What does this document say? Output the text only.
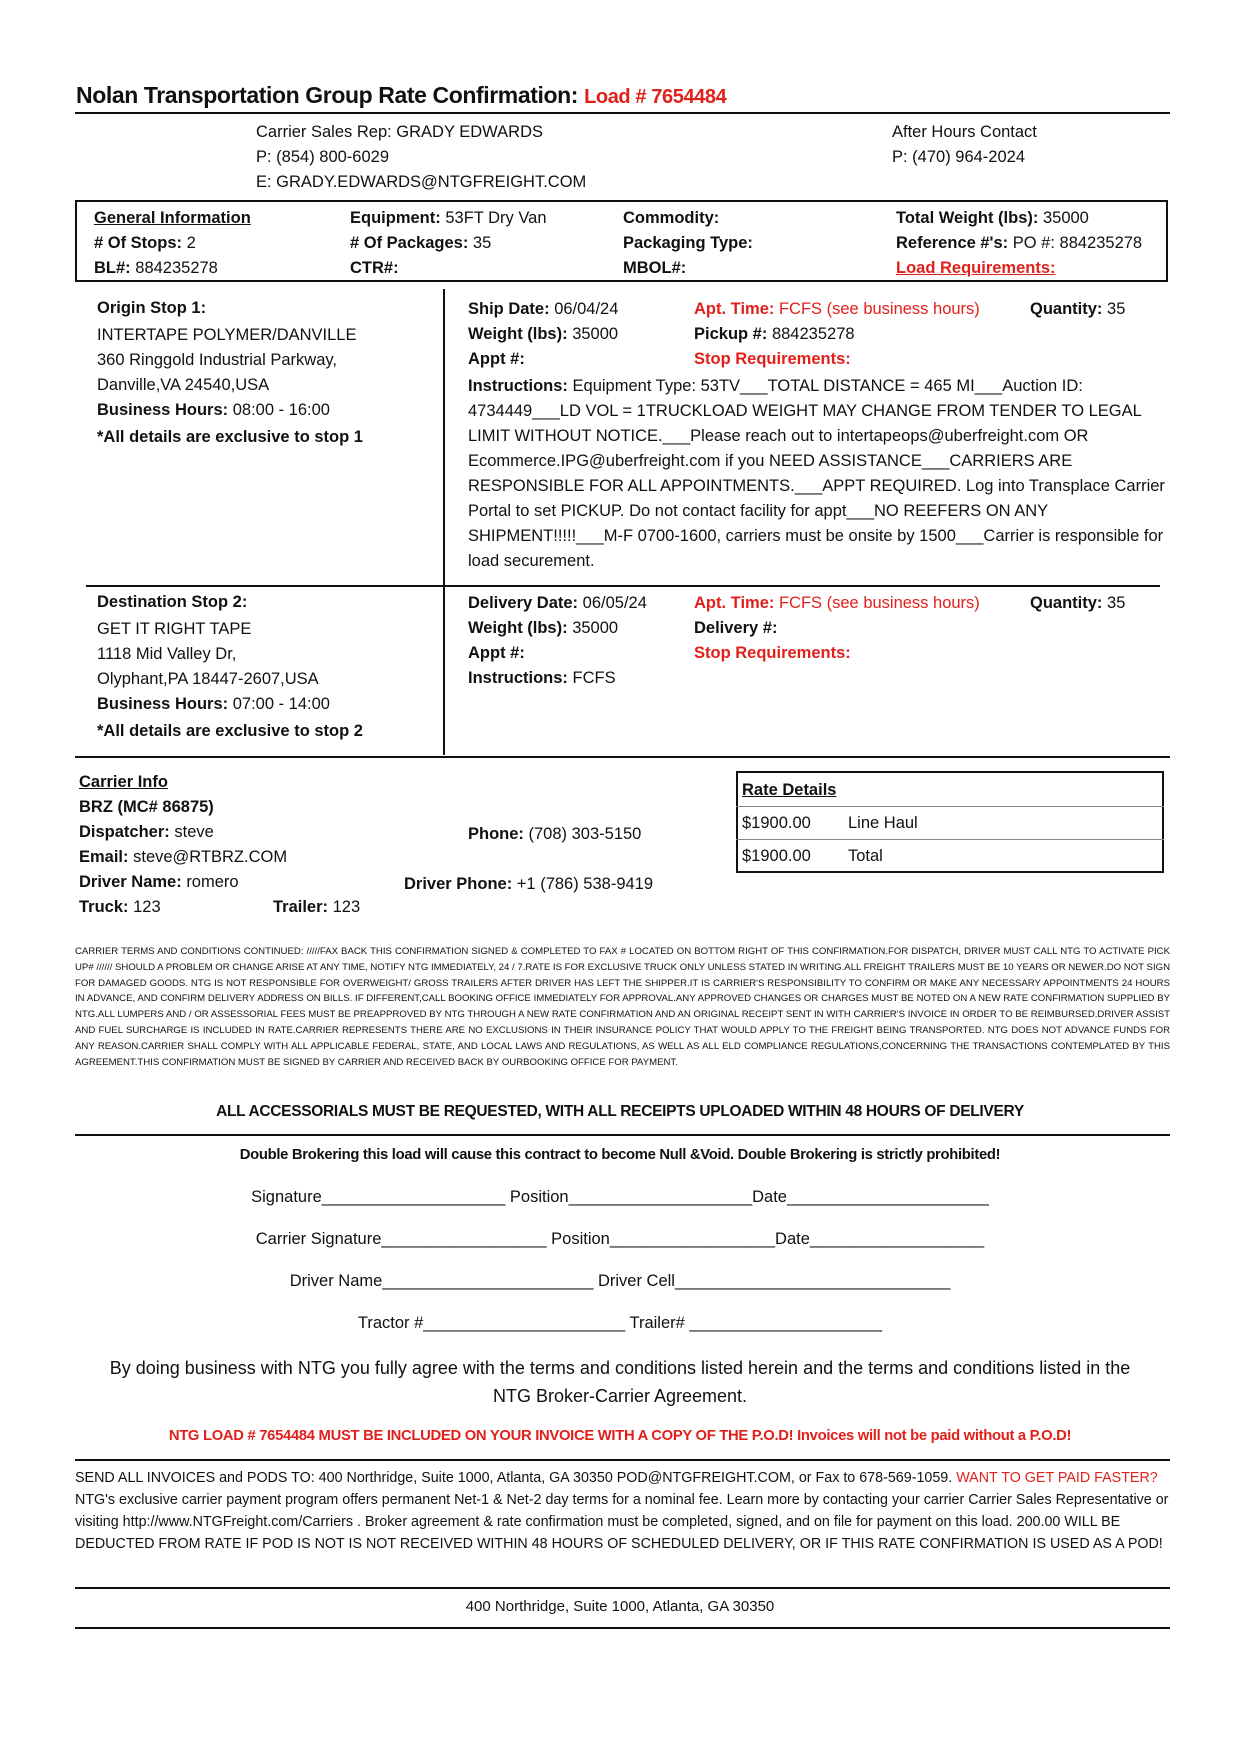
Nolan Transportation Group Rate Confirmation: Load # 7654484
Carrier Sales Rep: GRADY EDWARDS
P: (854) 800-6029
E: GRADY.EDWARDS@NTGFREIGHT.COM
After Hours Contact
P: (470) 964-2024
General Information
# Of Stops: 2
BL#: 884235278
Equipment: 53FT Dry Van
# Of Packages: 35
CTR#:
Commodity:
Packaging Type:
MBOL#:
Total Weight (lbs): 35000
Reference #'s: PO #: 884235278
Load Requirements:
Origin Stop 1:
INTERTAPE POLYMER/DANVILLE
360 Ringgold Industrial Parkway,
Danville,VA 24540,USA
Business Hours: 08:00 - 16:00
*All details are exclusive to stop 1
Ship Date: 06/04/24
Weight (lbs): 35000
Appt #:
Apt. Time: FCFS (see business hours)
Pickup #: 884235278
Stop Requirements:
Quantity: 35
Instructions: Equipment Type: 53TV___TOTAL DISTANCE = 465 MI___Auction ID: 4734449___LD VOL = 1TRUCKLOAD WEIGHT MAY CHANGE FROM TENDER TO LEGAL LIMIT WITHOUT NOTICE.___Please reach out to intertapeops@uberfreight.com OR Ecommerce.IPG@uberfreight.com if you NEED ASSISTANCE___CARRIERS ARE RESPONSIBLE FOR ALL APPOINTMENTS.___APPT REQUIRED. Log into Transplace Carrier Portal to set PICKUP. Do not contact facility for appt___NO REEFERS ON ANY SHIPMENT!!!!!___M-F 0700-1600, carriers must be onsite by 1500___Carrier is responsible for load securement.
Destination Stop 2:
GET IT RIGHT TAPE
1118 Mid Valley Dr,
Olyphant,PA 18447-2607,USA
Business Hours: 07:00 - 14:00
*All details are exclusive to stop 2
Delivery Date: 06/05/24
Weight (lbs): 35000
Appt #:
Instructions: FCFS
Apt. Time: FCFS (see business hours)
Delivery #:
Stop Requirements:
Quantity: 35
Carrier Info
BRZ (MC# 86875)
Dispatcher: steve
Email: steve@RTBRZ.COM
Driver Name: romero
Truck: 123	Trailer: 123
Phone: (708) 303-5150
Driver Phone: +1 (786) 538-9419
Rate Details
$1900.00 Line Haul
$1900.00 Total
CARRIER TERMS AND CONDITIONS CONTINUED: /////FAX BACK THIS CONFIRMATION SIGNED & COMPLETED TO FAX # LOCATED ON BOTTOM RIGHT OF THIS CONFIRMATION.FOR DISPATCH, DRIVER MUST CALL NTG TO ACTIVATE PICK UP# ////// SHOULD A PROBLEM OR CHANGE ARISE AT ANY TIME, NOTIFY NTG IMMEDIATELY, 24 / 7.RATE IS FOR EXCLUSIVE TRUCK ONLY UNLESS STATED IN WRITING.ALL FREIGHT TRAILERS MUST BE 10 YEARS OR NEWER.DO NOT SIGN FOR DAMAGED GOODS. NTG IS NOT RESPONSIBLE FOR OVERWEIGHT/ GROSS TRAILERS AFTER DRIVER HAS LEFT THE SHIPPER.IT IS CARRIER'S RESPONSIBILITY TO CONFIRM OR MAKE ANY NECESSARY APPOINTMENTS 24 HOURS IN ADVANCE, AND CONFIRM DELIVERY ADDRESS ON BILLS. IF DIFFERENT,CALL BOOKING OFFICE IMMEDIATELY FOR APPROVAL.ANY APPROVED CHANGES OR CHARGES MUST BE NOTED ON A NEW RATE CONFIRMATION SUPPLIED BY NTG.ALL LUMPERS AND / OR ASSESSORIAL FEES MUST BE PREAPPROVED BY NTG THROUGH A NEW RATE CONFIRMATION AND AN ORIGINAL RECEIPT SENT IN WITH CARRIER'S INVOICE IN ORDER TO BE REIMBURSED.DRIVER ASSIST AND FUEL SURCHARGE IS INCLUDED IN RATE.CARRIER REPRESENTS THERE ARE NO EXCLUSIONS IN THEIR INSURANCE POLICY THAT WOULD APPLY TO THE FREIGHT BEING TRANSPORTED. NTG DOES NOT ADVANCE FUNDS FOR ANY REASON.CARRIER SHALL COMPLY WITH ALL APPLICABLE FEDERAL, STATE, AND LOCAL LAWS AND REGULATIONS, AS WELL AS ALL ELD COMPLIANCE REGULATIONS,CONCERNING THE TRANSACTIONS CONTEMPLATED BY THIS AGREEMENT.THIS CONFIRMATION MUST BE SIGNED BY CARRIER AND RECEIVED BACK BY OURBOOKING OFFICE FOR PAYMENT.
ALL ACCESSORIALS MUST BE REQUESTED, WITH ALL RECEIPTS UPLOADED WITHIN 48 HOURS OF DELIVERY
Double Brokering this load will cause this contract to become Null &Void. Double Brokering is strictly prohibited!
Signature____________________ Position____________________Date______________________
Carrier Signature__________________ Position__________________Date___________________
Driver Name_______________________ Driver Cell______________________________
Tractor #______________________ Trailer# _____________________
By doing business with NTG you fully agree with the terms and conditions listed herein and the terms and conditions listed in the
NTG Broker-Carrier Agreement.
NTG LOAD # 7654484 MUST BE INCLUDED ON YOUR INVOICE WITH A COPY OF THE P.O.D! Invoices will not be paid without a P.O.D!
SEND ALL INVOICES and PODS TO: 400 Northridge, Suite 1000, Atlanta, GA 30350 POD@NTGFREIGHT.COM, or Fax to 678-569-1059. WANT TO GET PAID FASTER? NTG's exclusive carrier payment program offers permanent Net-1 & Net-2 day terms for a nominal fee. Learn more by contacting your carrier Carrier Sales Representative or visiting http://www.NTGFreight.com/Carriers . Broker agreement & rate confirmation must be completed, signed, and on file for payment on this load. 200.00 WILL BE DEDUCTED FROM RATE IF POD IS NOT IS NOT RECEIVED WITHIN 48 HOURS OF SCHEDULED DELIVERY, OR IF THIS RATE CONFIRMATION IS USED AS A POD!
400 Northridge, Suite 1000, Atlanta, GA 30350
